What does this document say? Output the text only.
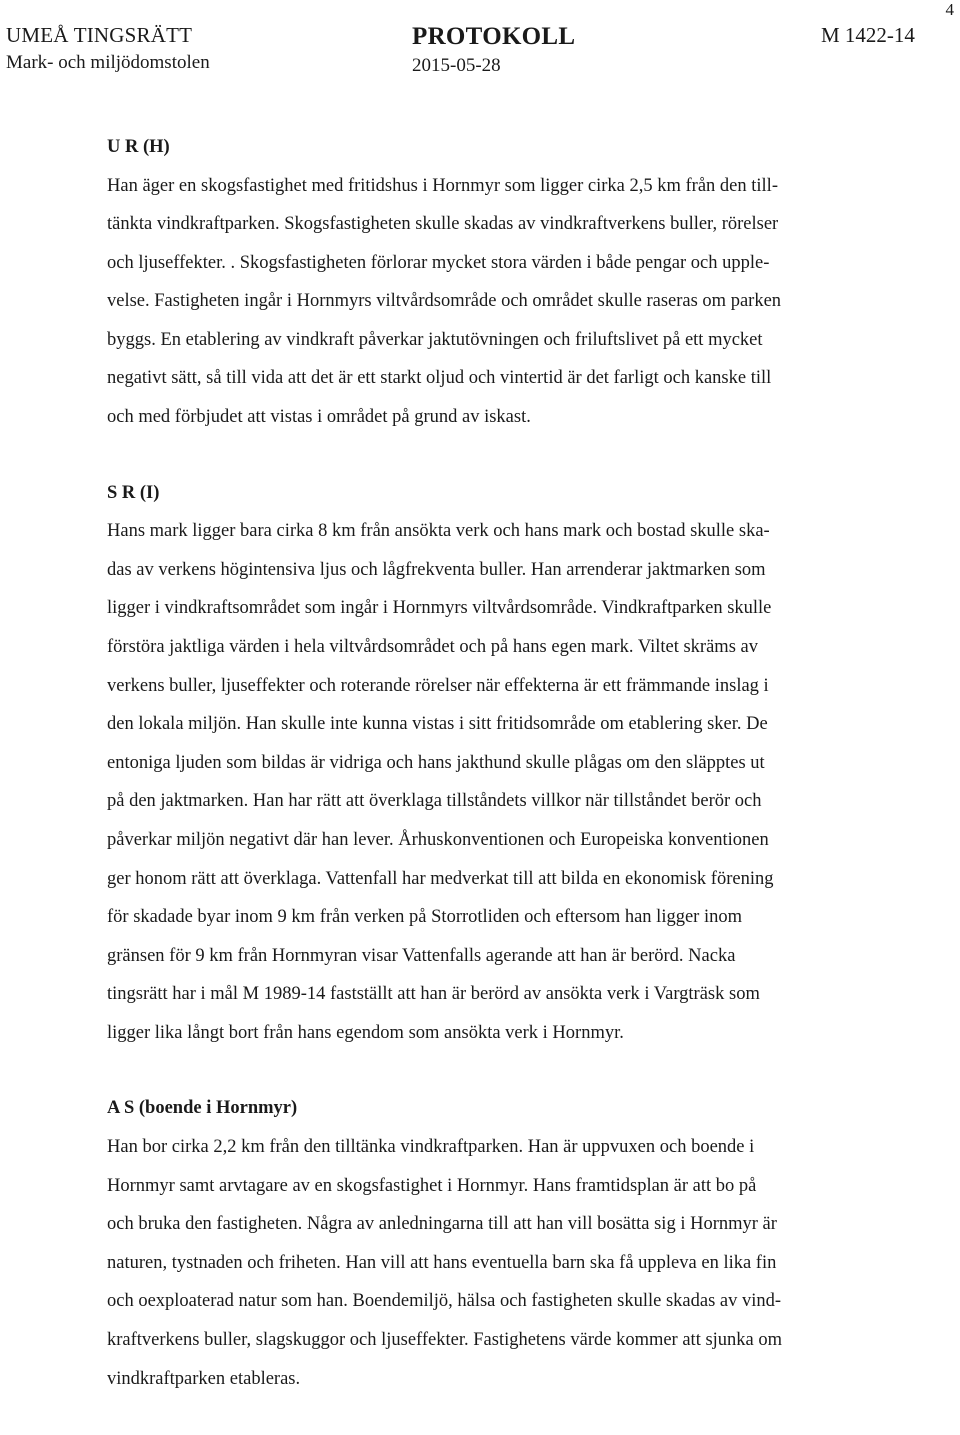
4
UMEÅ TINGSRÄTT
Mark- och miljödomstolen
PROTOKOLL
2015-05-28
M 1422-14
U R (H)
Han äger en skogsfastighet med fritidshus i Hornmyr som ligger cirka 2,5 km från den till-
tänkta vindkraftparken. Skogsfastigheten skulle skadas av vindkraftverkens buller, rörelser
och ljuseffekter. . Skogsfastigheten förlorar mycket stora värden i både pengar och upple-
velse. Fastigheten ingår i Hornmyrs viltvårdsområde och området skulle raseras om parken
byggs. En etablering av vindkraft påverkar jaktutövningen och friluftslivet på ett mycket
negativt sätt, så till vida att det är ett starkt oljud och vintertid är det farligt och kanske till
och med förbjudet att vistas i området på grund av iskast.
S R (I)
Hans mark ligger bara cirka 8 km från ansökta verk och hans mark och bostad skulle ska-
das av verkens högintensiva ljus och lågfrekventa buller. Han arrenderar jaktmarken som
ligger i vindkraftsområdet som ingår i Hornmyrs viltvårdsområde. Vindkraftparken skulle
förstöra jaktliga värden i hela viltvårdsområdet och på hans egen mark. Viltet skräms av
verkens buller, ljuseffekter och roterande rörelser när effekterna är ett främmande inslag i
den lokala miljön. Han skulle inte kunna vistas i sitt fritidsområde om etablering sker. De
entoniga ljuden som bildas är vidriga och hans jakthund skulle plågas om den släpptes ut
på den jaktmarken. Han har rätt att överklaga tillståndets villkor när tillståndet berör och
påverkar miljön negativt där han lever. Århuskonventionen och Europeiska konventionen
ger honom rätt att överklaga. Vattenfall har medverkat till att bilda en ekonomisk förening
för skadade byar inom 9 km från verken på Storrotliden och eftersom han ligger inom
gränsen för 9 km från Hornmyran visar Vattenfalls agerande att han är berörd. Nacka
tingsrätt har i mål M 1989-14 fastställt att han är berörd av ansökta verk i Vargträsk som
ligger lika långt bort från hans egendom som ansökta verk i Hornmyr.
A S (boende i Hornmyr)
Han bor cirka 2,2 km från den tilltänka vindkraftparken. Han är uppvuxen och boende i
Hornmyr samt arvtagare av en skogsfastighet i Hornmyr. Hans framtidsplan är att bo på
och bruka den fastigheten. Några av anledningarna till att han vill bosätta sig i Hornmyr är
naturen, tystnaden och friheten. Han vill att hans eventuella barn ska få uppleva en lika fin
och oexploaterad natur som han. Boendemiljö, hälsa och fastigheten skulle skadas av vind-
kraftverkens buller, slagskuggor och ljuseffekter. Fastighetens värde kommer att sjunka om
vindkraftparken etableras.
